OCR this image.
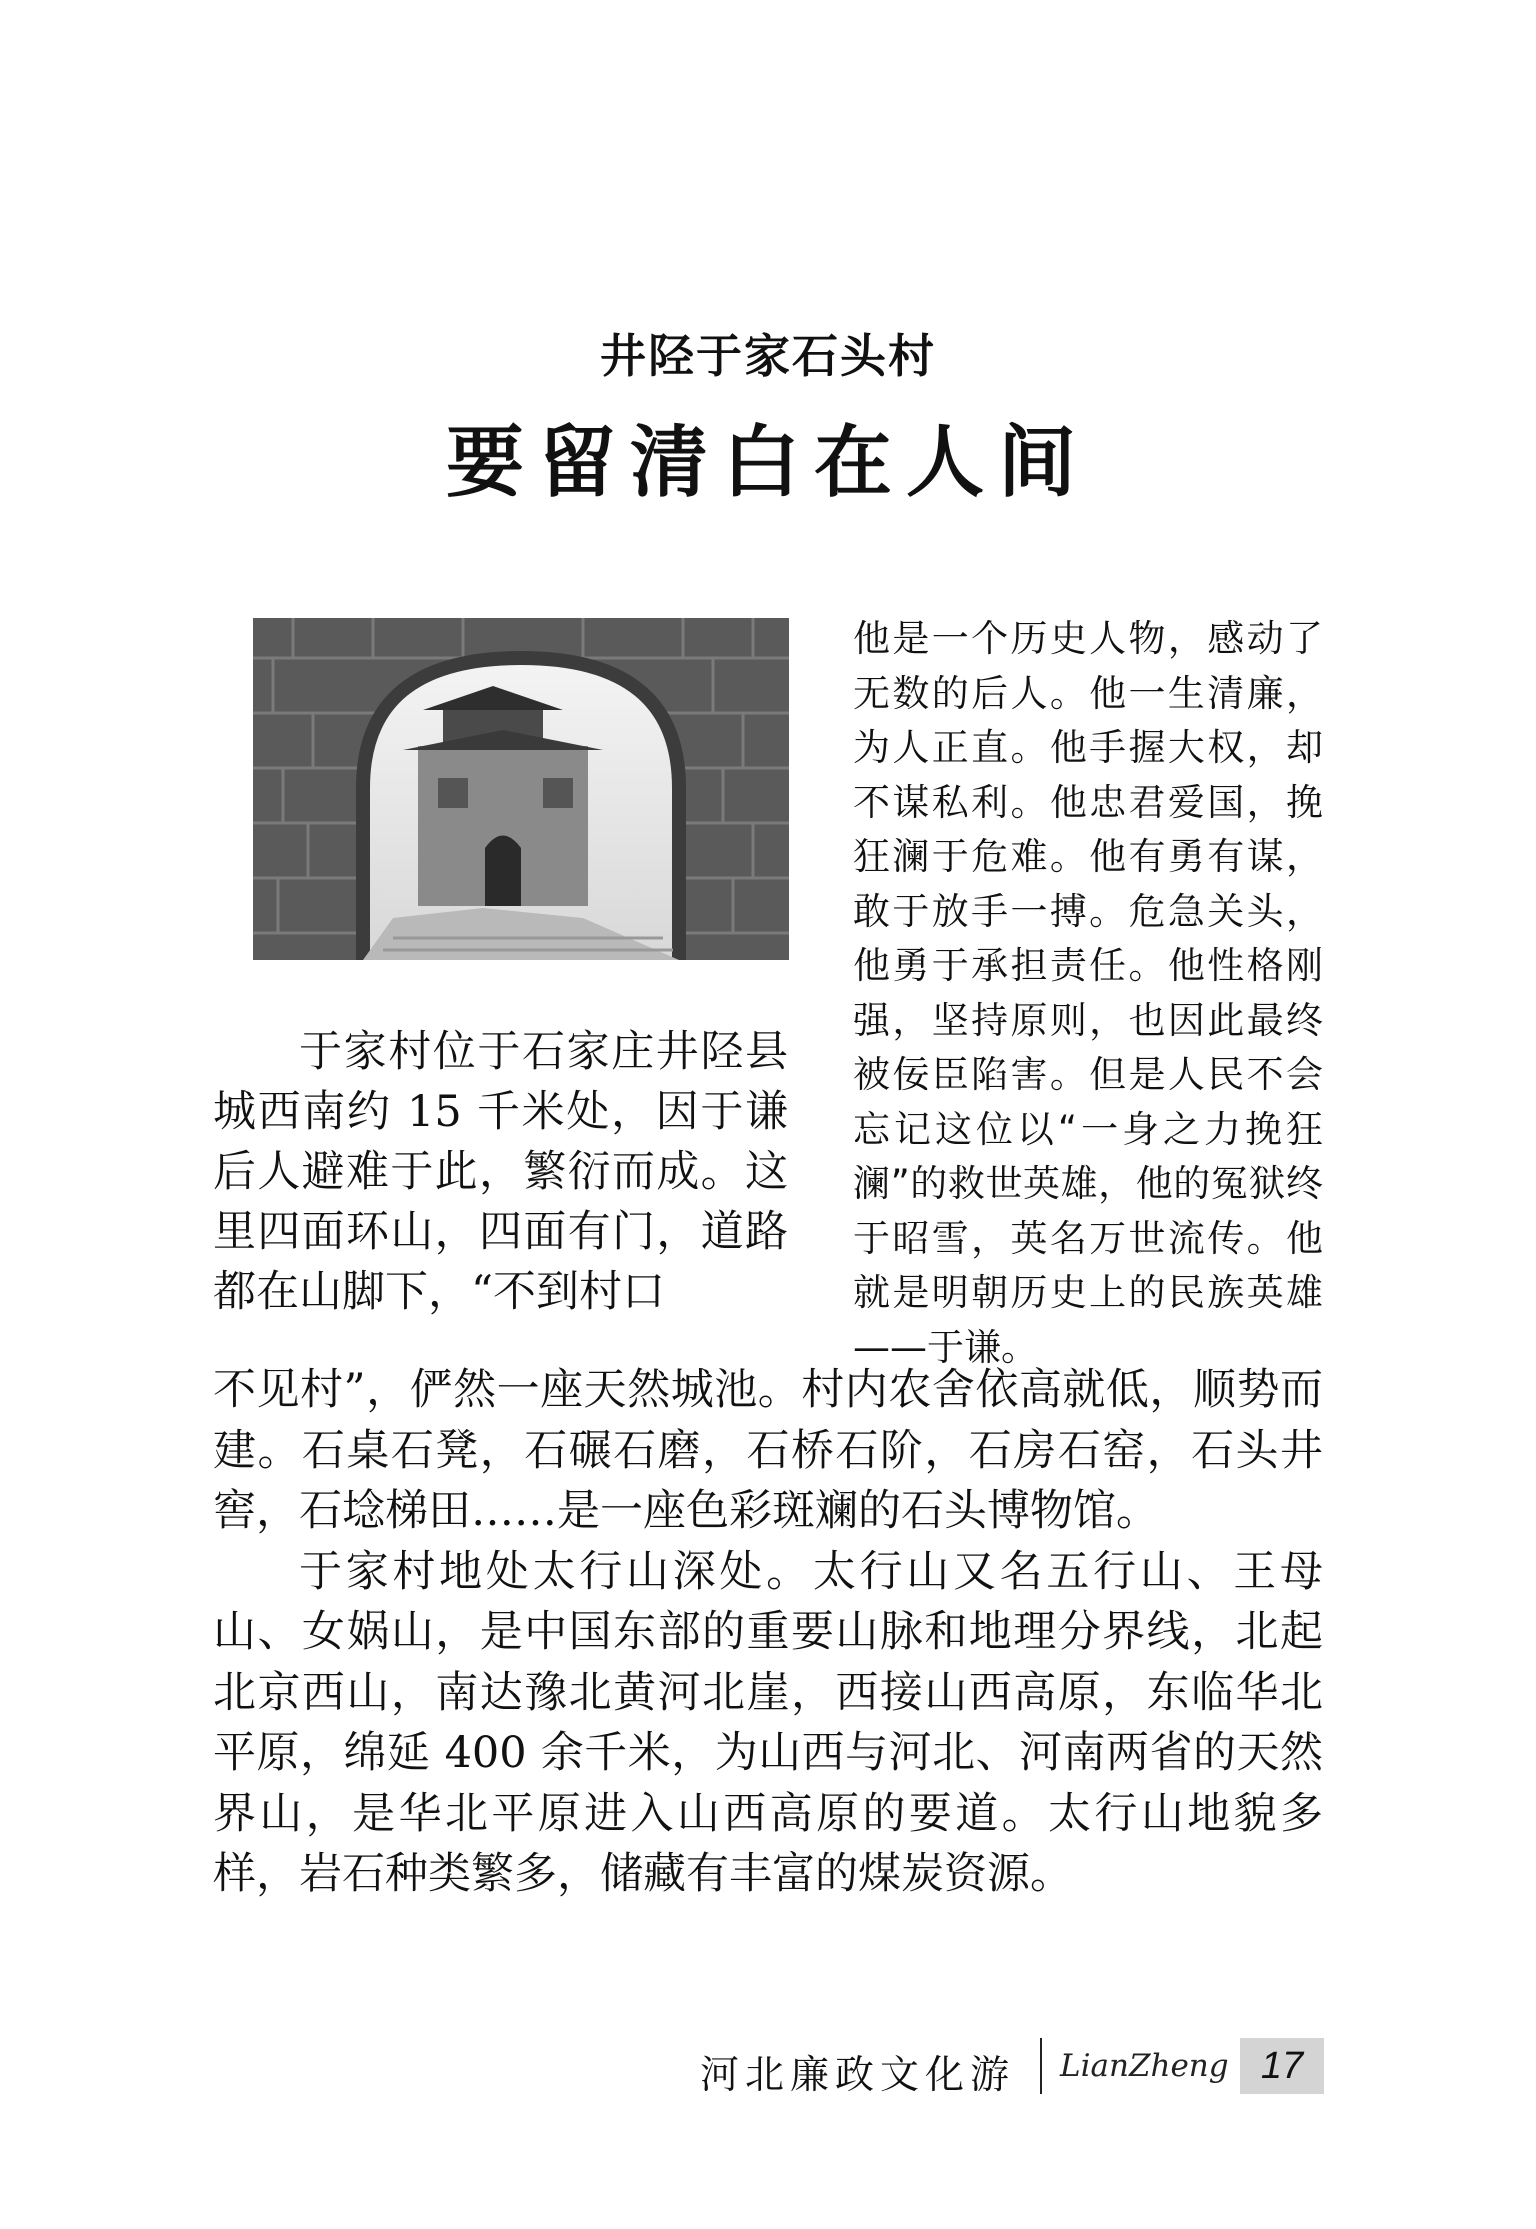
井陉于家石头村
要留清白在人间

他是一个历史人物，感动了无数的后人。他一生清廉，为人正直。他手握大权，却不谋私利。他忠君爱国，挽狂澜于危难。他有勇有谋，敢于放手一搏。危急关头，他勇于承担责任。他性格刚强，坚持原则，也因此最终被佞臣陷害。但是人民不会忘记这位以“一身之力挽狂澜”的救世英雄，他的冤狱终于昭雪，英名万世流传。他就是明朝历史上的民族英雄——于谦。

于家村位于石家庄井陉县城西南约 15 千米处，因于谦后人避难于此，繁衍而成。这里四面环山，四面有门，道路都在山脚下，“不到村口

不见村”，俨然一座天然城池。村内农舍依高就低，顺势而建。石桌石凳，石碾石磨，石桥石阶，石房石窑，石头井窖，石埝梯田……是一座色彩斑斓的石头博物馆。

于家村地处太行山深处。太行山又名五行山、王母山、女娲山，是中国东部的重要山脉和地理分界线，北起北京西山，南达豫北黄河北崖，西接山西高原，东临华北平原，绵延 400 余千米，为山西与河北、河南两省的天然界山，是华北平原进入山西高原的要道。太行山地貌多样，岩石种类繁多，储藏有丰富的煤炭资源。

河北廉政文化游 LianZheng 17
